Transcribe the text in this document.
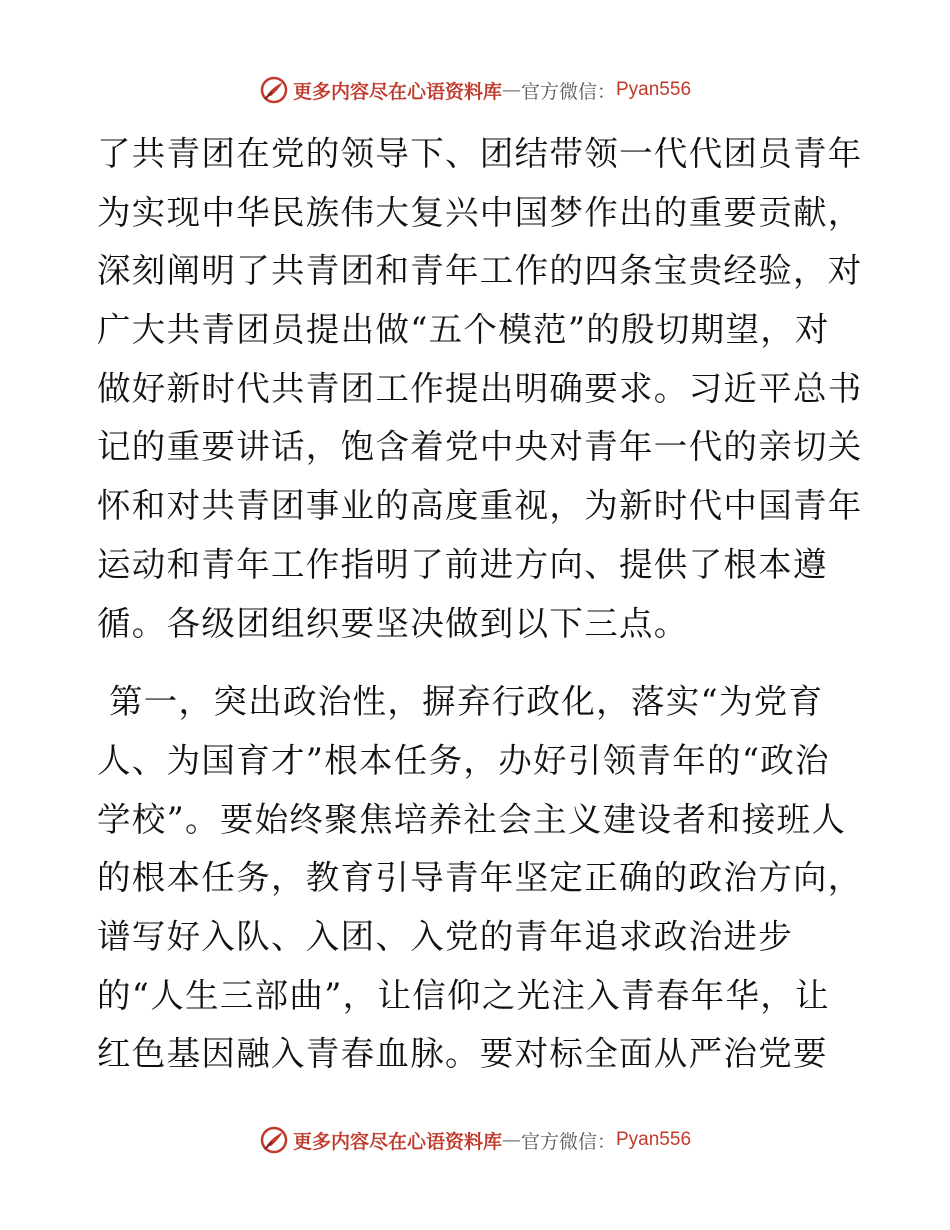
更多内容尽在心语资料库 — 官方微信： Pyan556
了共青团在党的领导下、团结带领一代代团员青年
为实现中华民族伟大复兴中国梦作出的重要贡献，
深刻阐明了共青团和青年工作的四条宝贵经验，对
广大共青团员提出做“五个模范”的殷切期望，对
做好新时代共青团工作提出明确要求。习近平总书
记的重要讲话，饱含着党中央对青年一代的亲切关
怀和对共青团事业的高度重视，为新时代中国青年
运动和青年工作指明了前进方向、提供了根本遵
循。各级团组织要坚决做到以下三点。
第一，突出政治性，摒弃行政化，落实“为党育
人、为国育才”根本任务，办好引领青年的“政治
学校”。要始终聚焦培养社会主义建设者和接班人
的根本任务，教育引导青年坚定正确的政治方向，
谱写好入队、入团、入党的青年追求政治进步
的“人生三部曲”，让信仰之光注入青春年华，让
红色基因融入青春血脉。要对标全面从严治党要
更多内容尽在心语资料库 — 官方微信： Pyan556
